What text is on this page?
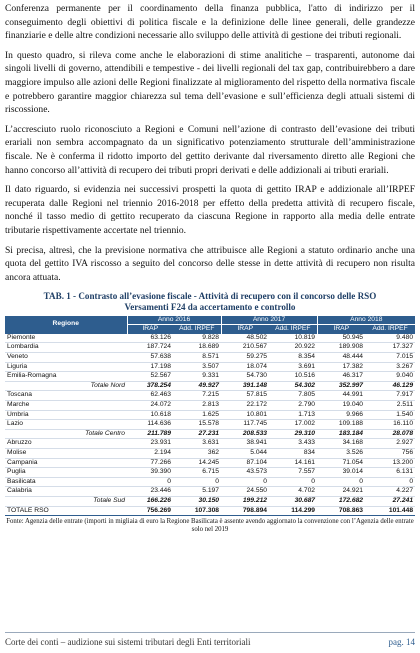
Conferenza permanente per il coordinamento della finanza pubblica, l'atto di indirizzo per il conseguimento degli obiettivi di politica fiscale e la definizione delle linee generali, delle grandezze finanziarie e delle altre condizioni necessarie allo sviluppo delle attività di gestione dei tributi regionali.

In questo quadro, si rileva come anche le elaborazioni di stime analitiche – trasparenti, autonome dai singoli livelli di governo, attendibili e tempestive - dei livelli regionali del tax gap, contribuirebbero a dare maggiore impulso alle azioni delle Regioni finalizzate al miglioramento del rispetto della normativa fiscale e potrebbero garantire maggior chiarezza sul tema dell’evasione e sull’efficienza degli attuali sistemi di riscossione.

L’accresciuto ruolo riconosciuto a Regioni e Comuni nell’azione di contrasto dell’evasione dei tributi erariali non sembra accompagnato da un significativo potenziamento strutturale dell’amministrazione fiscale. Ne è conferma il ridotto importo del gettito derivante dal riversamento diretto alle Regioni che hanno concorso all’attività di recupero dei tributi propri derivati e delle addizionali ai tributi erariali.

Il dato riguardo, si evidenzia nei successivi prospetti la quota di gettito IRAP e addizionale all’IRPEF recuperata dalle Regioni nel triennio 2016-2018 per effetto della predetta attività di recupero fiscale, nonché il tasso medio di gettito recuperato da ciascuna Regione in rapporto alla media delle entrate tributarie rispettivamente accertate nel triennio.

Si precisa, altresì, che la previsione normativa che attribuisce alle Regioni a statuto ordinario anche una quota del gettito IVA riscosso a seguito del concorso delle stesse in dette attività di recupero non risulta ancora attuata.

TAB. 1 - Contrasto all’evasione fiscale - Attività di recupero con il concorso delle RSO
Versamenti F24 da accertamento e controllo
Regione	Anno 2016		Anno 2017		Anno 2018	
	IRAP	Add. IRPEF	IRAP	Add. IRPEF	IRAP	Add. IRPEF
Piemonte	63.126	9.828	48.502	10.819	50.945	9.480
Lombardia	187.724	18.689	210.567	20.922	189.908	17.327
Veneto	57.638	8.571	59.275	8.354	48.444	7.015
Liguria	17.198	3.507	18.074	3.691	17.382	3.267
Emilia-Romagna	52.567	9.331	54.730	10.516	46.317	9.040
Totale Nord	378.254	49.927	391.148	54.302	352.997	46.129
Toscana	62.463	7.215	57.815	7.805	44.991	7.917
Marche	24.072	2.813	22.172	2.790	19.040	2.511
Umbria	10.618	1.625	10.801	1.713	9.966	1.540
Lazio	114.636	15.578	117.745	17.002	109.188	16.110
Totale Centro	211.789	27.231	208.533	29.310	183.184	28.078
Abruzzo	23.931	3.631	38.941	3.433	34.168	2.927
Molise	2.194	362	5.044	834	3.526	756
Campania	77.266	14.245	87.104	14.161	71.054	13.200
Puglia	39.390	6.715	43.573	7.557	39.014	6.131
Basilicata	0	0	0	0	0	0
Calabria	23.446	5.197	24.550	4.702	24.921	4.227
Totale Sud	166.226	30.150	199.212	30.687	172.682	27.241
TOTALE RSO	756.269	107.308	798.894	114.299	708.863	101.448
Fonte: Agenzia delle entrate (importi in migliaia di euro la Regione Basilicata è assente avendo aggiornato la convenzione con l’Agenzia delle entrate solo nel 2019
Corte dei conti – audizione sui sistemi tributari degli Enti territoriali	pag. 14
